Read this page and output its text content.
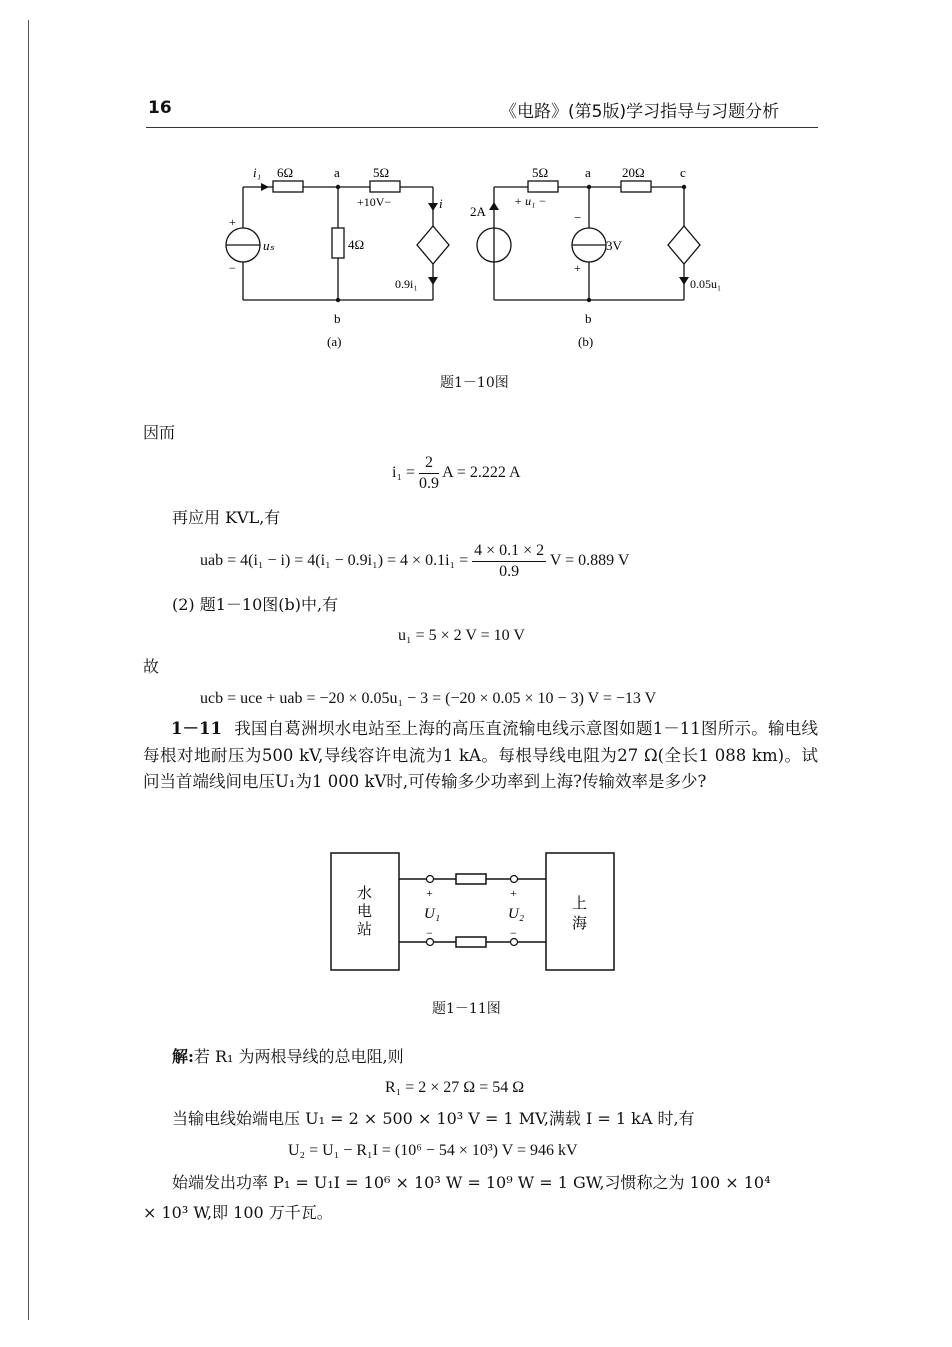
16	《电路》(第5版)学习指导与习题分析
i₁ 6Ω	a	5Ω
+10V−	i
+
−
uₛ	4Ω
0.9i₁
b
(a)
5Ω	a 20Ω	c
2A
+ u₁ −
−
+
3V
0.05u₁
b
(b)
题1－10图
因而
$i_1 = \frac{2}{0.9}$ A = 2.222 A
再应用 KVL,有
uab = $4(i_1 - i) = 4(i_1 - 0.9i_1) = 4 \times 0.1i_1 = \frac{4 \times 0.1 \times 2}{0.9}$ V = 0.889 V
(2) 题1－10图(b)中,有
u₁ = 5 × 2 V = 10 V
故
ucb = uce + uab = −20 × 0.05u₁ − 3 = (−20 × 0.05 × 10 − 3) V = −13 V
1－11 我国自葛洲坝水电站至上海的高压直流输电线示意图如题1－11图所示。输电线每根对地耐压为500 kV,导线容许电流为1 kA。每根导线电阻为27 Ω(全长1 088 km)。试问当首端线间电压U₁为1 000 kV时,可传输多少功率到上海?传输效率是多少?
水
电
站
上
海
+	+
U₁	U₂
−	−
题1－11图
解:若 R₁ 为两根导线的总电阻,则
R₁ = 2 × 27 Ω = 54 Ω
当输电线始端电压 U₁ = 2 × 500 × 10³ V = 1 MV,满载 I = 1 kA 时,有
U₂ = U₁ − R₁I = (10⁶ − 54 × 10³) V = 946 kV
始端发出功率 P₁ = U₁I = 10⁶ × 10³ W = 10⁹ W = 1 GW,习惯称之为 100 × 10⁴
× 10³ W,即 100 万千瓦。
